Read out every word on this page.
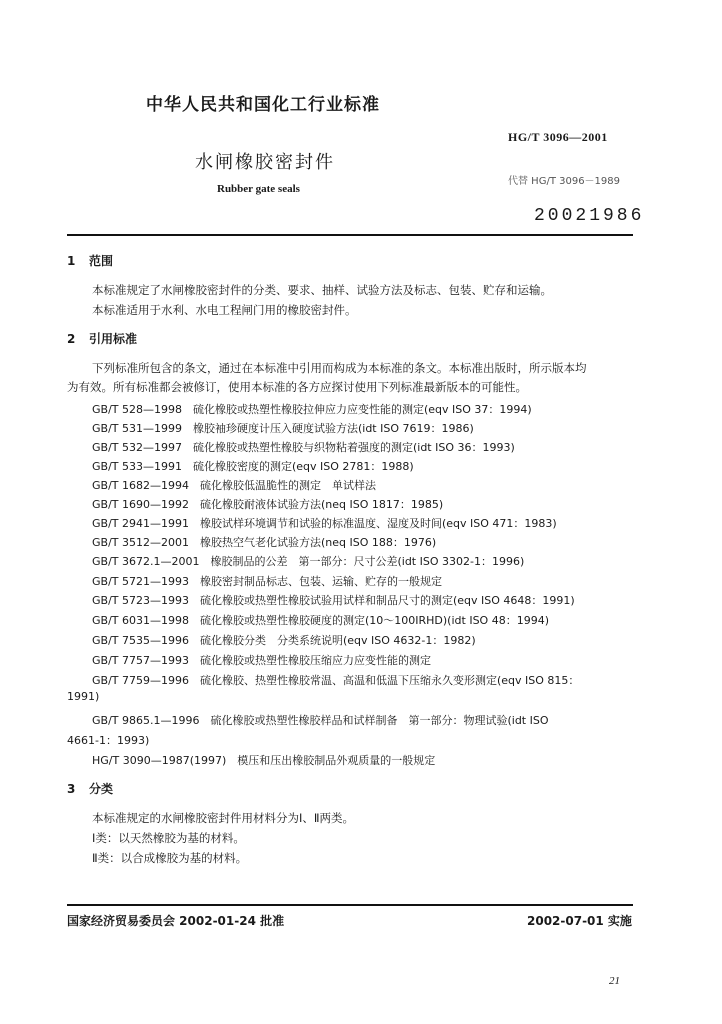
中华人民共和国化工行业标准
HG/T 3096—2001
水闸橡胶密封件
代替 HG/T 3096－1989
Rubber gate seals
20021986
1 范围
本标准规定了水闸橡胶密封件的分类、要求、抽样、试验方法及标志、包装、贮存和运输。
本标准适用于水利、水电工程闸门用的橡胶密封件。
2 引用标准
下列标准所包含的条文，通过在本标准中引用而构成为本标准的条文。本标准出版时，所示版本均
为有效。所有标准都会被修订，使用本标准的各方应探讨使用下列标准最新版本的可能性。
GB/T 528—1998　硫化橡胶或热塑性橡胶拉伸应力应变性能的测定(eqv ISO 37：1994)
GB/T 531—1999　橡胶袖珍硬度计压入硬度试验方法(idt ISO 7619：1986)
GB/T 532—1997　硫化橡胶或热塑性橡胶与织物粘着强度的测定(idt ISO 36：1993)
GB/T 533—1991　硫化橡胶密度的测定(eqv ISO 2781：1988)
GB/T 1682—1994　硫化橡胶低温脆性的测定　单试样法
GB/T 1690—1992　硫化橡胶耐液体试验方法(neq ISO 1817：1985)
GB/T 2941—1991　橡胶试样环境调节和试验的标准温度、湿度及时间(eqv ISO 471：1983)
GB/T 3512—2001　橡胶热空气老化试验方法(neq ISO 188：1976)
GB/T 3672.1—2001　橡胶制品的公差　第一部分：尺寸公差(idt ISO 3302-1：1996)
GB/T 5721—1993　橡胶密封制品标志、包装、运输、贮存的一般规定
GB/T 5723—1993　硫化橡胶或热塑性橡胶试验用试样和制品尺寸的测定(eqv ISO 4648：1991)
GB/T 6031—1998　硫化橡胶或热塑性橡胶硬度的测定(10～100IRHD)(idt ISO 48：1994)
GB/T 7535—1996　硫化橡胶分类　分类系统说明(eqv ISO 4632-1：1982)
GB/T 7757—1993　硫化橡胶或热塑性橡胶压缩应力应变性能的测定
GB/T 7759—1996　硫化橡胶、热塑性橡胶常温、高温和低温下压缩永久变形测定(eqv ISO 815：
1991)
GB/T 9865.1—1996　硫化橡胶或热塑性橡胶样品和试样制备　第一部分：物理试验(idt ISO
4661-1：1993)
HG/T 3090—1987(1997)　模压和压出橡胶制品外观质量的一般规定
3 分类
本标准规定的水闸橡胶密封件用材料分为Ⅰ、Ⅱ两类。
Ⅰ类：以天然橡胶为基的材料。
Ⅱ类：以合成橡胶为基的材料。
国家经济贸易委员会 2002-01-24 批准	2002-07-01 实施
21
